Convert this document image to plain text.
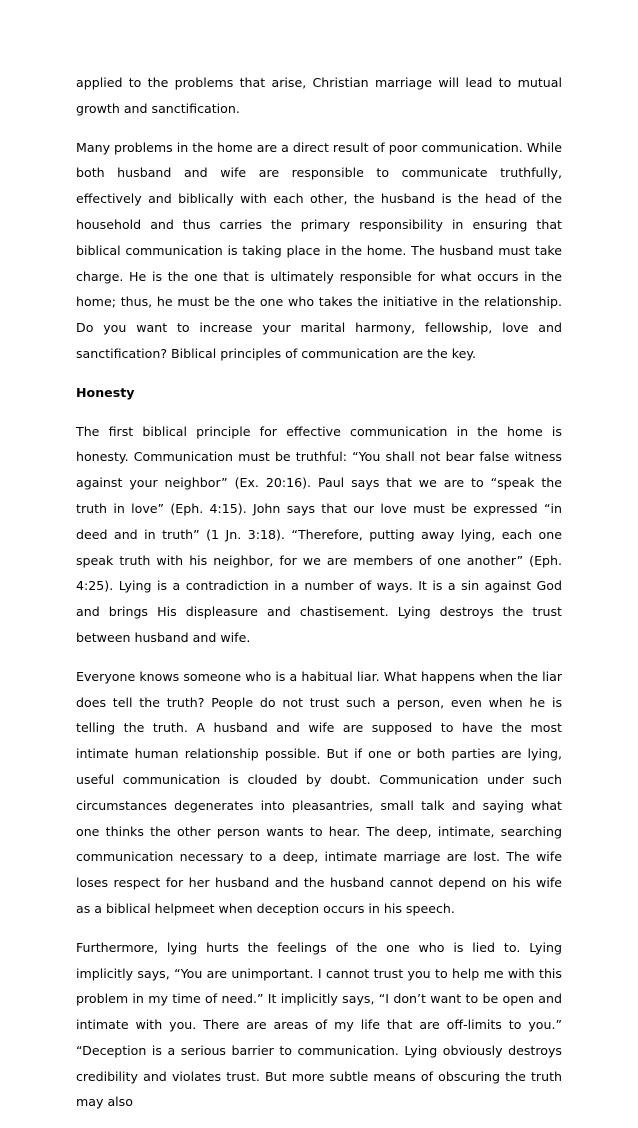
applied to the problems that arise, Christian marriage will lead to mutual growth and sanctification.

Many problems in the home are a direct result of poor communication. While both husband and wife are responsible to communicate truthfully, effectively and biblically with each other, the husband is the head of the household and thus carries the primary responsibility in ensuring that biblical communication is taking place in the home. The husband must take charge. He is the one that is ultimately responsible for what occurs in the home; thus, he must be the one who takes the initiative in the relationship. Do you want to increase your marital harmony, fellowship, love and sanctification? Biblical principles of communication are the key.

Honesty

The first biblical principle for effective communication in the home is honesty. Communication must be truthful: “You shall not bear false witness against your neighbor” (Ex. 20:16). Paul says that we are to “speak the truth in love” (Eph. 4:15). John says that our love must be expressed “in deed and in truth” (1 Jn. 3:18). “Therefore, putting away lying, each one speak truth with his neighbor, for we are members of one another” (Eph. 4:25). Lying is a contradiction in a number of ways. It is a sin against God and brings His displeasure and chastisement. Lying destroys the trust between husband and wife.

Everyone knows someone who is a habitual liar. What happens when the liar does tell the truth? People do not trust such a person, even when he is telling the truth. A husband and wife are supposed to have the most intimate human relationship possible. But if one or both parties are lying, useful communication is clouded by doubt. Communication under such circumstances degenerates into pleasantries, small talk and saying what one thinks the other person wants to hear. The deep, intimate, searching communication necessary to a deep, intimate marriage are lost. The wife loses respect for her husband and the husband cannot depend on his wife as a biblical helpmeet when deception occurs in his speech.

Furthermore, lying hurts the feelings of the one who is lied to. Lying implicitly says, “You are unimportant. I cannot trust you to help me with this problem in my time of need.” It implicitly says, “I don’t want to be open and intimate with you. There are areas of my life that are off-limits to you.” “Deception is a serious barrier to communication. Lying obviously destroys credibility and violates trust. But more subtle means of obscuring the truth may also
